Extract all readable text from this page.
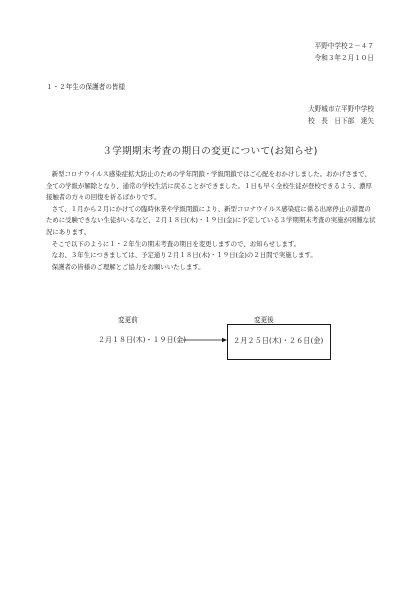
平野中学校２－４７
令和３年２月１０日
１・２年生の保護者の皆様
大野城市立平野中学校
校　長　日下部　達矢
３学期期末考査の期日の変更について(お知らせ)

新型コロナウイルス感染症拡大防止のための学年閉鎖・学級閉鎖ではご心配をおかけしました。おかげさまで、全ての学級が解除となり、通常の学校生活に戻ることができました。１日も早く全校生徒が登校できるよう、濃厚接触者の方々の回復を祈るばかりです。

さて、１月から２月にかけての臨時休業や学級閉鎖により、新型コロナウイルス感染症に係る出席停止の措置のために受験できない生徒がいるなど、２月１８日(木)・１９日(金)に予定している３学期期末考査の実施が困難な状況にあります。

そこで以下のように１・２年生の期末考査の期日を変更しますので、お知らせします。

なお、３年生につきましては、予定通り２月１８日(木)・１９日(金)の２日間で実施します。

保護者の皆様のご理解とご協力をお願いいたします。

変更前	変更後
２月１８日(木)・１９日(金)	２月２５日(木)・２６日(金)
